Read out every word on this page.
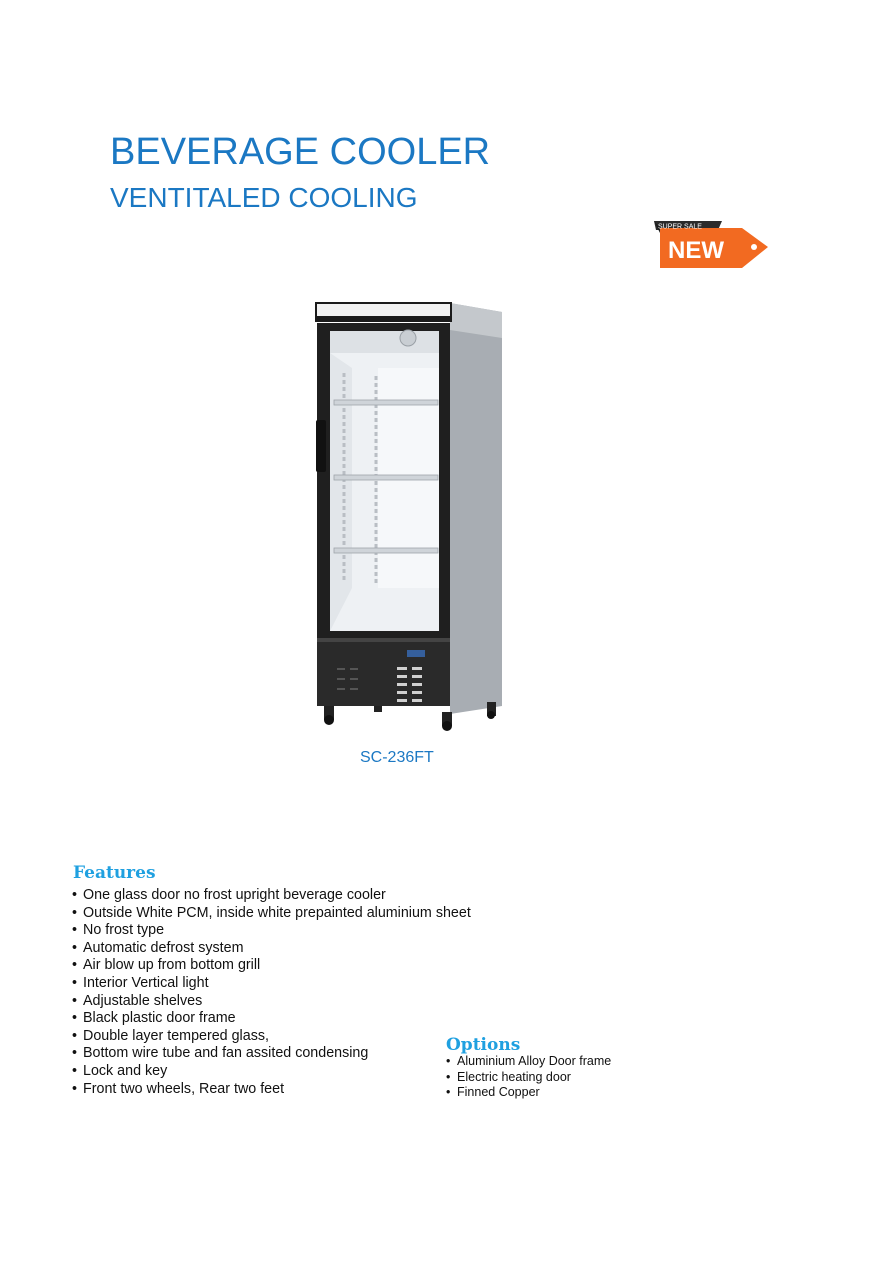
BEVERAGE COOLER
VENTITALED COOLING
SUPER SALE
NEW
SC-236FT
Features
• One glass door no frost upright beverage cooler
• Outside White PCM, inside white prepainted aluminium sheet
• No frost type
• Automatic defrost system
• Air blow up from bottom grill
• Interior Vertical light
• Adjustable shelves
• Black plastic door frame
• Double layer tempered glass,
• Bottom wire tube and fan assited condensing
• Lock and key
• Front two wheels, Rear two feet
Options
• Aluminium Alloy Door frame
• Electric heating door
• Finned Copper
